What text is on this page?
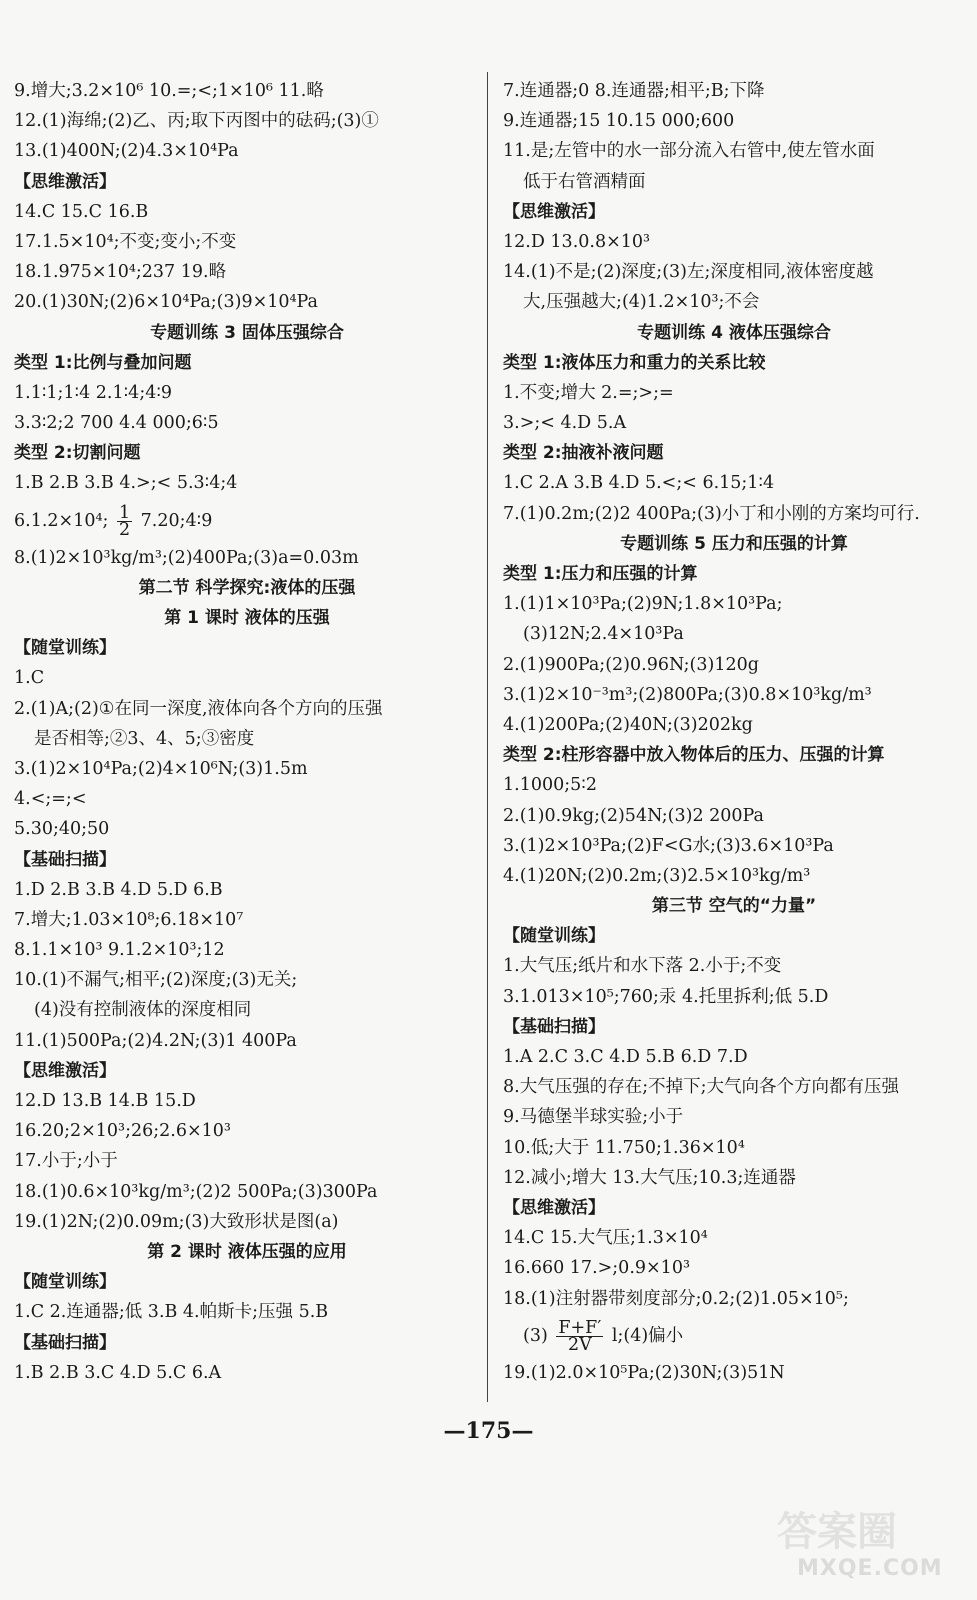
9.增大;3.2×10⁶ 10.=;<;1×10⁶ 11.略
12.(1)海绵;(2)乙、丙;取下丙图中的砝码;(3)①
13.(1)400N;(2)4.3×10⁴Pa
【思维激活】
14.C 15.C 16.B
17.1.5×10⁴;不变;变小;不变
18.1.975×10⁴;237 19.略
20.(1)30N;(2)6×10⁴Pa;(3)9×10⁴Pa
专题训练 3 固体压强综合
类型 1:比例与叠加问题
1.1∶1;1∶4 2.1∶4;4∶9
3.3∶2;2 700 4.4 000;6∶5
类型 2:切割问题
1.B 2.B 3.B 4.>;< 5.3∶4;4
6.1.2×10⁴; $\frac{1}{2}$ 7.20;4∶9
8.(1)2×10³kg/m³;(2)400Pa;(3)a=0.03m
第二节 科学探究:液体的压强
第 1 课时 液体的压强
【随堂训练】
1.C
2.(1)A;(2)①在同一深度,液体向各个方向的压强
是否相等;②3、4、5;③密度
3.(1)2×10⁴Pa;(2)4×10⁶N;(3)1.5m
4.<;=;<
5.30;40;50
【基础扫描】
1.D 2.B 3.B 4.D 5.D 6.B
7.增大;1.03×10⁸;6.18×10⁷
8.1.1×10³ 9.1.2×10³;12
10.(1)不漏气;相平;(2)深度;(3)无关;
(4)没有控制液体的深度相同
11.(1)500Pa;(2)4.2N;(3)1 400Pa
【思维激活】
12.D 13.B 14.B 15.D
16.20;2×10³;26;2.6×10³
17.小于;小于
18.(1)0.6×10³kg/m³;(2)2 500Pa;(3)300Pa
19.(1)2N;(2)0.09m;(3)大致形状是图(a)
第 2 课时 液体压强的应用
【随堂训练】
1.C 2.连通器;低 3.B 4.帕斯卡;压强 5.B
【基础扫描】
1.B 2.B 3.C 4.D 5.C 6.A
7.连通器;0 8.连通器;相平;B;下降
9.连通器;15 10.15 000;600
11.是;左管中的水一部分流入右管中,使左管水面
低于右管酒精面
【思维激活】
12.D 13.0.8×10³
14.(1)不是;(2)深度;(3)左;深度相同,液体密度越
大,压强越大;(4)1.2×10³;不会
专题训练 4 液体压强综合
类型 1:液体压力和重力的关系比较
1.不变;增大 2.=;>;=
3.>;< 4.D 5.A
类型 2:抽液补液问题
1.C 2.A 3.B 4.D 5.<;< 6.15;1∶4
7.(1)0.2m;(2)2 400Pa;(3)小丁和小刚的方案均可行.
专题训练 5 压力和压强的计算
类型 1:压力和压强的计算
1.(1)1×10³Pa;(2)9N;1.8×10³Pa;
(3)12N;2.4×10³Pa
2.(1)900Pa;(2)0.96N;(3)120g
3.(1)2×10⁻³m³;(2)800Pa;(3)0.8×10³kg/m³
4.(1)200Pa;(2)40N;(3)202kg
类型 2:柱形容器中放入物体后的压力、压强的计算
1.1000;5∶2
2.(1)0.9kg;(2)54N;(3)2 200Pa
3.(1)2×10³Pa;(2)F<G水;(3)3.6×10³Pa
4.(1)20N;(2)0.2m;(3)2.5×10³kg/m³
第三节 空气的“力量”
【随堂训练】
1.大气压;纸片和水下落 2.小于;不变
3.1.013×10⁵;760;汞 4.托里拆利;低 5.D
【基础扫描】
1.A 2.C 3.C 4.D 5.B 6.D 7.D
8.大气压强的存在;不掉下;大气向各个方向都有压强
9.马德堡半球实验;小于
10.低;大于 11.750;1.36×10⁴
12.减小;增大 13.大气压;10.3;连通器
【思维激活】
14.C 15.大气压;1.3×10⁴
16.660 17.>;0.9×10³
18.(1)注射器带刻度部分;0.2;(2)1.05×10⁵;
$(3) \frac{F+F'}{2V}$ l;(4)偏小
19.(1)2.0×10⁵Pa;(2)30N;(3)51N
—175—
答案圈
MXQE.COM
